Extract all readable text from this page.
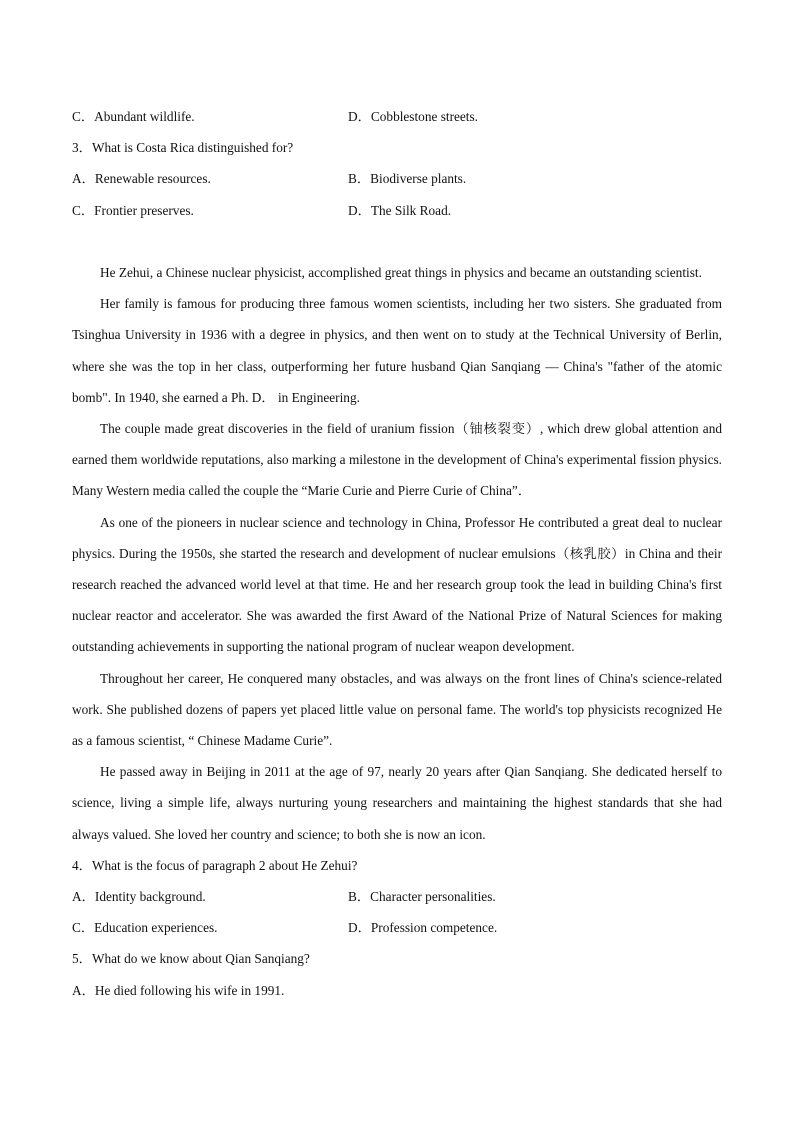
C．Abundant wildlife.	D．Cobblestone streets.
3．What is Costa Rica distinguished for?
A．Renewable resources.	B．Biodiverse plants.
C．Frontier preserves.	D．The Silk Road.

He Zehui, a Chinese nuclear physicist, accomplished great things in physics and became an outstanding scientist.

Her family is famous for producing three famous women scientists, including her two sisters. She graduated from Tsinghua University in 1936 with a degree in physics, and then went on to study at the Technical University of Berlin, where she was the top in her class, outperforming her future husband Qian Sanqiang — China's "father of the atomic bomb". In 1940, she earned a Ph. D． in Engineering.

The couple made great discoveries in the field of uranium fission（铀核裂变）, which drew global attention and earned them worldwide reputations, also marking a milestone in the development of China's experimental fission physics. Many Western media called the couple the “Marie Curie and Pierre Curie of China”．

As one of the pioneers in nuclear science and technology in China, Professor He contributed a great deal to nuclear physics. During the 1950s, she started the research and development of nuclear emulsions（核乳胶）in China and their research reached the advanced world level at that time. He and her research group took the lead in building China's first nuclear reactor and accelerator. She was awarded the first Award of the National Prize of Natural Sciences for making outstanding achievements in supporting the national program of nuclear weapon development.

Throughout her career, He conquered many obstacles, and was always on the front lines of China's science-related work. She published dozens of papers yet placed little value on personal fame. The world's top physicists recognized He as a famous scientist, “ Chinese Madame Curie”.

He passed away in Beijing in 2011 at the age of 97, nearly 20 years after Qian Sanqiang. She dedicated herself to science, living a simple life, always nurturing young researchers and maintaining the highest standards that she had always valued. She loved her country and science; to both she is now an icon.

4．What is the focus of paragraph 2 about He Zehui?
A．Identity background.	B．Character personalities.
C．Education experiences.	D．Profession competence.
5．What do we know about Qian Sanqiang?
A．He died following his wife in 1991.
